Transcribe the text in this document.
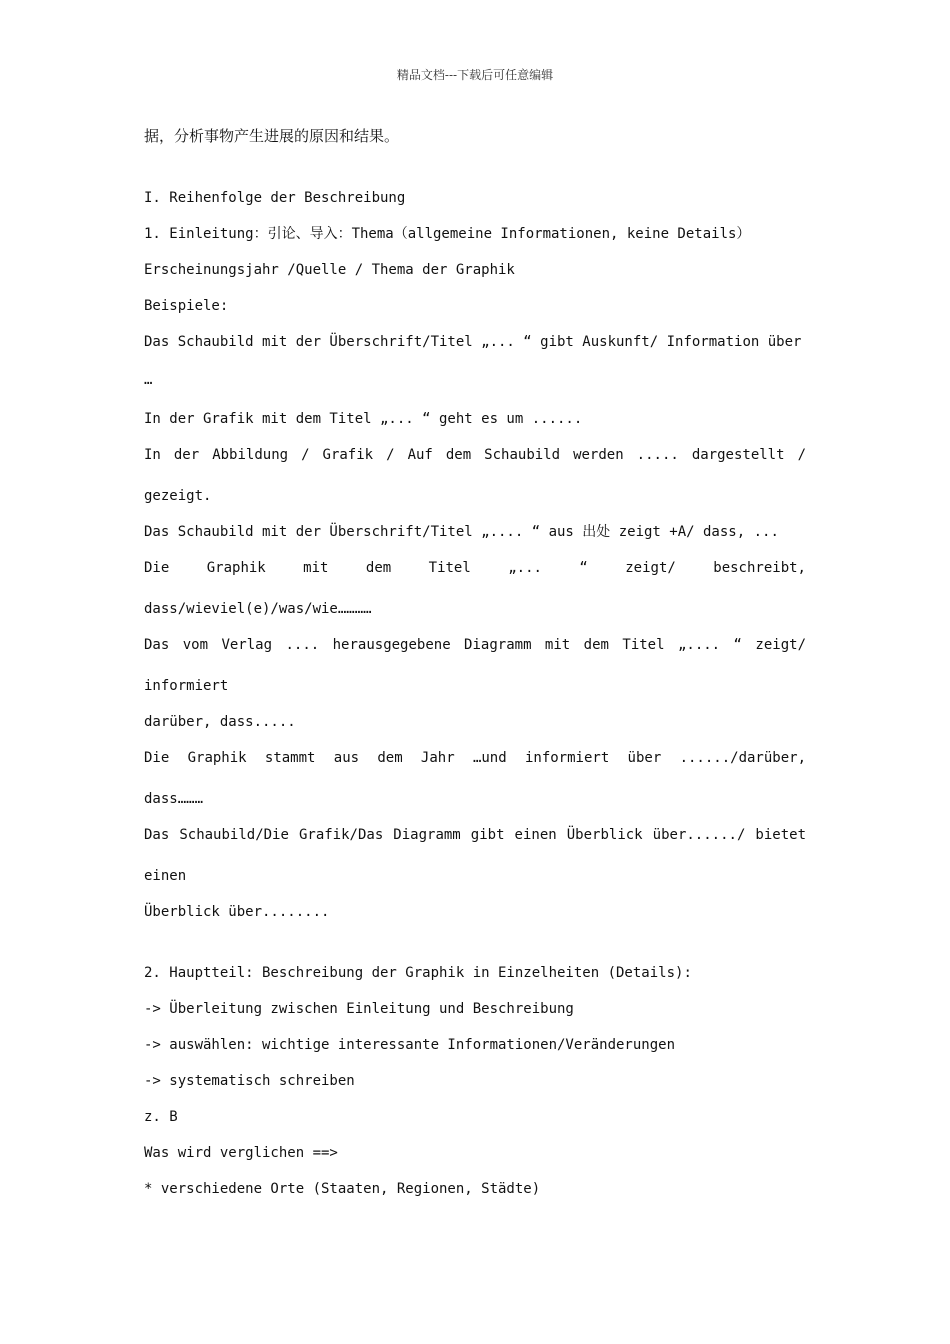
精品文档---下载后可任意编辑

据，分析事物产生进展的原因和结果。

I. Reihenfolge der Beschreibung

1. Einleitung：引论、导入：Thema（allgemeine Informationen, keine Details）

Erscheinungsjahr /Quelle / Thema der Graphik

Beispiele:

Das Schaubild mit der Überschrift/Titel „... “ gibt Auskunft/ Information über

…

In der Grafik mit dem Titel „... “ geht es um ......

In der Abbildung / Grafik / Auf dem Schaubild werden ..... dargestellt /

gezeigt.

Das Schaubild mit der Überschrift/Titel „.... “ aus 出处 zeigt +A/ dass, ...

Die Graphik mit dem Titel „... “ zeigt/ beschreibt,

dass/wieviel(e)/was/wie…………

Das vom Verlag .... herausgegebene Diagramm mit dem Titel „.... “ zeigt/

informiert

darüber, dass.....

Die Graphik stammt aus dem Jahr …und informiert über ....../darüber,

dass………

Das Schaubild/Die Grafik/Das Diagramm gibt einen Überblick über....../ bietet

einen

Überblick über........

2. Hauptteil: Beschreibung der Graphik in Einzelheiten (Details):

-> Überleitung zwischen Einleitung und Beschreibung

-> auswählen: wichtige interessante Informationen/Veränderungen

-> systematisch schreiben

z. B

Was wird verglichen ==>

* verschiedene Orte (Staaten, Regionen, Städte)
